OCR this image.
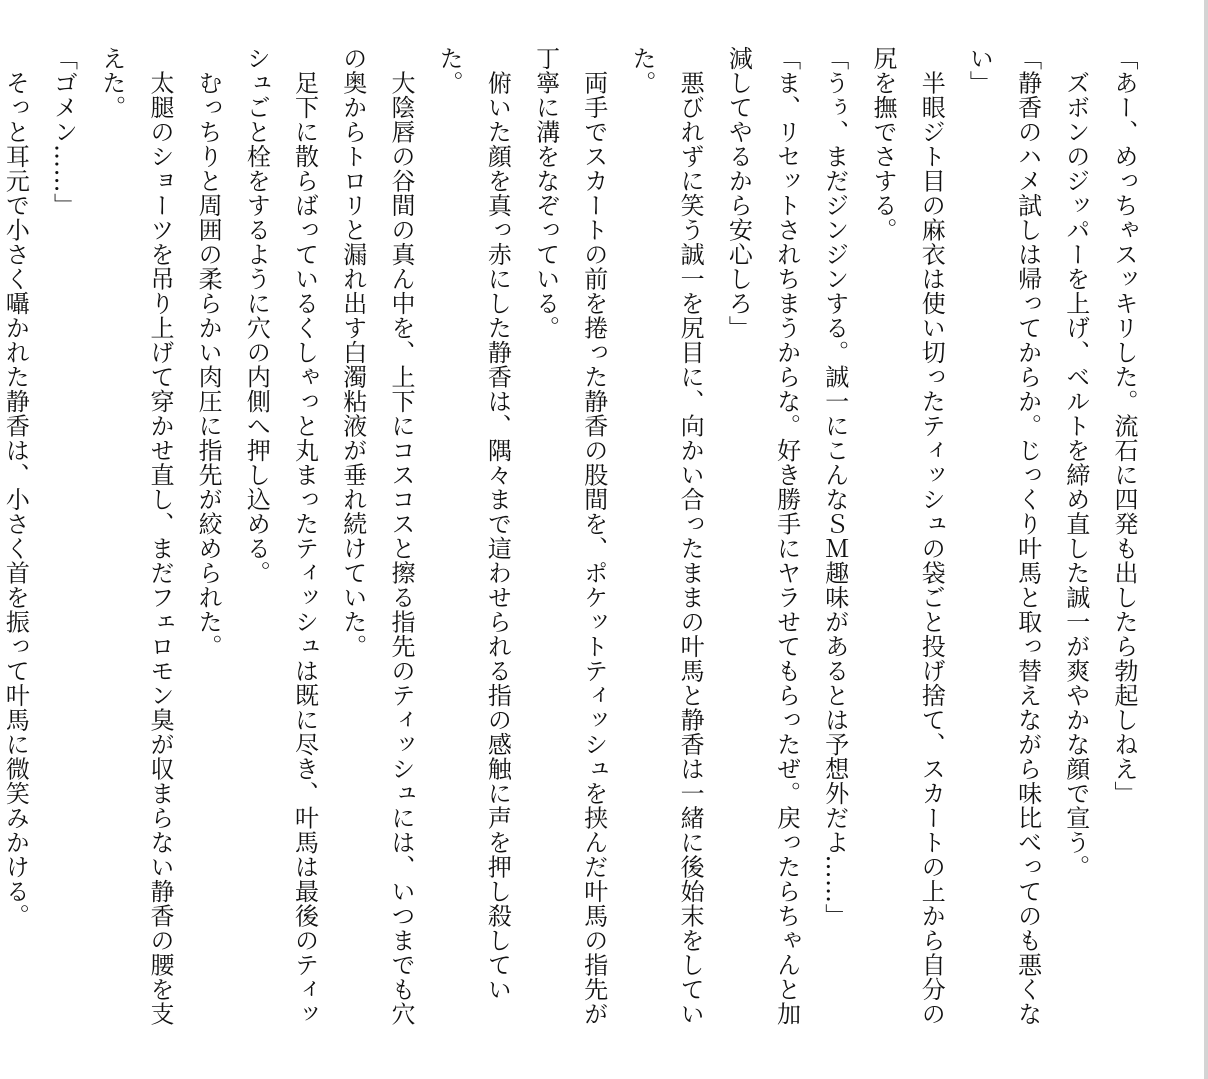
「あー、めっちゃスッキリした。流石に四発も出したら勃起しねえ」

　ズボンのジッパーを上げ、ベルトを締め直した誠一が爽やかな顔で宣う。

「静香のハメ試しは帰ってからか。じっくり叶馬と取っ替えながら味比べってのも悪くない」

　半眼ジト目の麻衣は使い切ったティッシュの袋ごと投げ捨て、スカートの上から自分の尻を撫でさする。

「うぅ、まだジンジンする。誠一にこんなＳＭ趣味があるとは予想外だよ……」

「ま、リセットされちまうからな。好き勝手にヤラせてもらったぜ。戻ったらちゃんと加減してやるから安心しろ」

　悪びれずに笑う誠一を尻目に、向かい合ったままの叶馬と静香は一緒に後始末をしていた。

　両手でスカートの前を捲った静香の股間を、ポケットティッシュを挟んだ叶馬の指先が丁寧に溝をなぞっている。

　俯いた顔を真っ赤にした静香は、隅々まで這わせられる指の感触に声を押し殺していた。

　大陰唇の谷間の真ん中を、上下にコスコスと擦る指先のティッシュには、いつまでも穴の奥からトロリと漏れ出す白濁粘液が垂れ続けていた。

　足下に散らばっているくしゃっと丸まったティッシュは既に尽き、叶馬は最後のティッシュごと栓をするように穴の内側へ押し込める。

　むっちりと周囲の柔らかい肉圧に指先が絞められた。

　太腿のショーツを吊り上げて穿かせ直し、まだフェロモン臭が収まらない静香の腰を支えた。

「ゴメン……」

　そっと耳元で小さく囁かれた静香は、小さく首を振って叶馬に微笑みかける。
